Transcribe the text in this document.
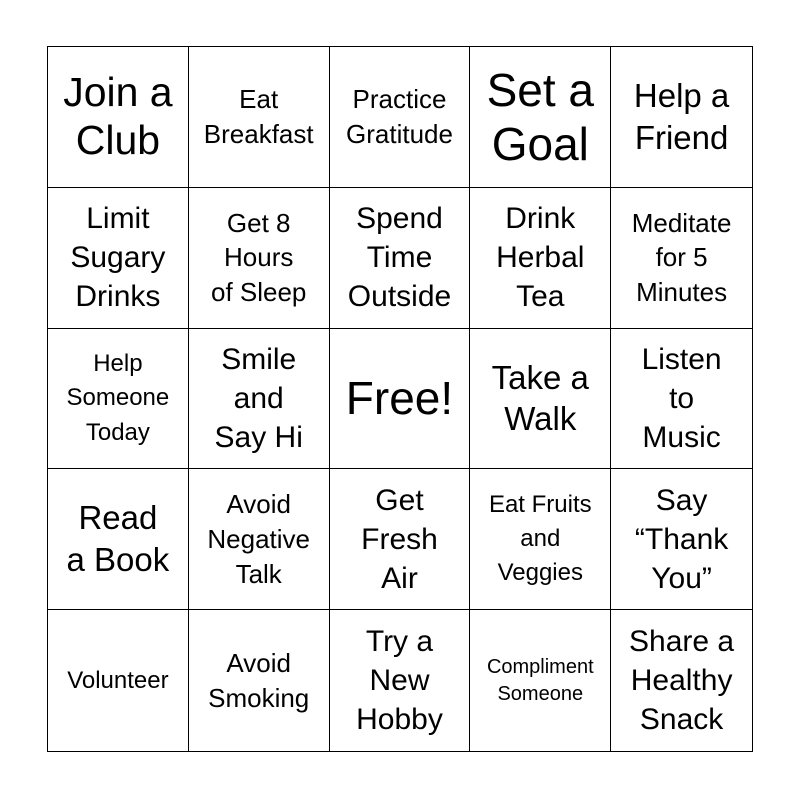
Join a
Club
Eat
Breakfast
Practice
Gratitude
Set a
Goal
Help a
Friend
Limit
Sugary
Drinks
Get 8
Hours
of Sleep
Spend
Time
Outside
Drink
Herbal
Tea
Meditate
for 5
Minutes
Help
Someone
Today
Smile
and
Say Hi
Free!	Take a
Walk
Listen
to
Music
Read
a Book
Avoid
Negative
Talk
Get
Fresh
Air
Eat Fruits
and
Veggies
Say
“Thank
You”
Volunteer
Avoid
Smoking
Try a
New
Hobby
Compliment
Someone
Share a
Healthy
Snack
